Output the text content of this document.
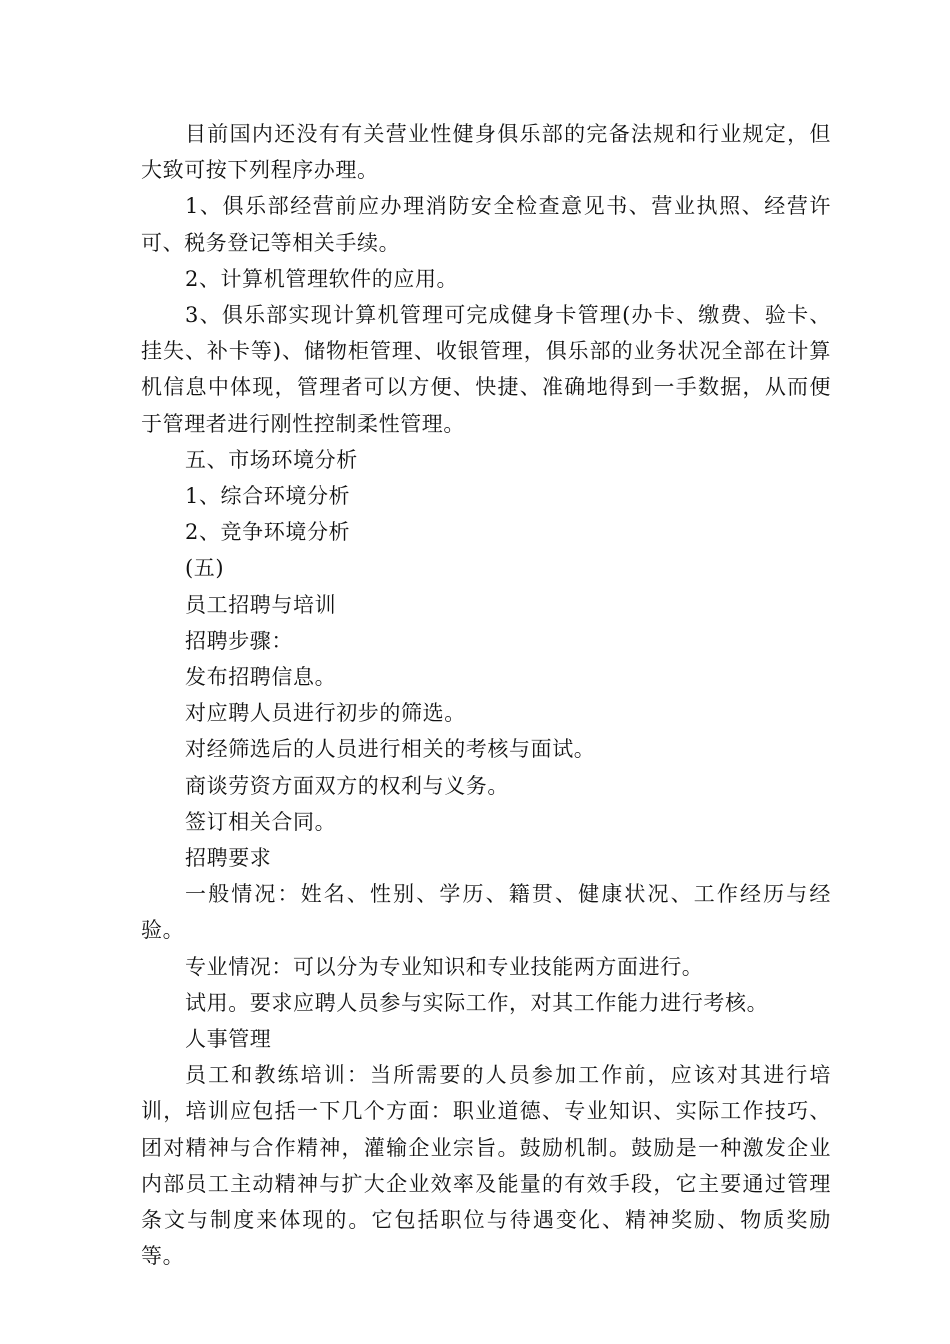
目前国内还没有有关营业性健身俱乐部的完备法规和行业规定，但大致可按下列程序办理。

1、俱乐部经营前应办理消防安全检查意见书、营业执照、经营许可、税务登记等相关手续。

2、计算机管理软件的应用。

3、俱乐部实现计算机管理可完成健身卡管理(办卡、缴费、验卡、挂失、补卡等)、储物柜管理、收银管理，俱乐部的业务状况全部在计算机信息中体现，管理者可以方便、快捷、准确地得到一手数据，从而便于管理者进行刚性控制柔性管理。

五、市场环境分析

1、综合环境分析

2、竞争环境分析

(五)

员工招聘与培训

招聘步骤：

发布招聘信息。

对应聘人员进行初步的筛选。

对经筛选后的人员进行相关的考核与面试。

商谈劳资方面双方的权利与义务。

签订相关合同。

招聘要求

一般情况：姓名、性别、学历、籍贯、健康状况、工作经历与经验。

专业情况：可以分为专业知识和专业技能两方面进行。

试用。要求应聘人员参与实际工作，对其工作能力进行考核。

人事管理

员工和教练培训：当所需要的人员参加工作前，应该对其进行培训，培训应包括一下几个方面：职业道德、专业知识、实际工作技巧、团对精神与合作精神，灌输企业宗旨。鼓励机制。鼓励是一种激发企业内部员工主动精神与扩大企业效率及能量的有效手段，它主要通过管理条文与制度来体现的。它包括职位与待遇变化、精神奖励、物质奖励等。
